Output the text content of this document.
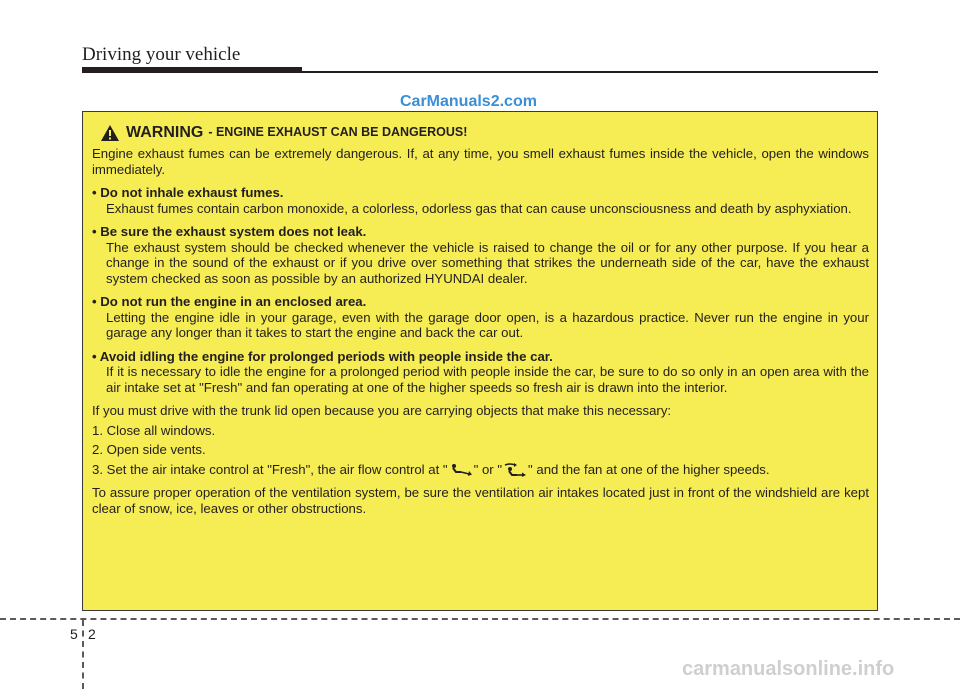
Driving your vehicle
CarManuals2.com
WARNING - ENGINE EXHAUST CAN BE DANGEROUS!

Engine exhaust fumes can be extremely dangerous. If, at any time, you smell exhaust fumes inside the vehicle, open the windows immediately.

• Do not inhale exhaust fumes.

Exhaust fumes contain carbon monoxide, a colorless, odorless gas that can cause unconsciousness and death by asphyxiation.

• Be sure the exhaust system does not leak.

The exhaust system should be checked whenever the vehicle is raised to change the oil or for any other purpose. If you hear a change in the sound of the exhaust or if you drive over something that strikes the underneath side of the car, have the exhaust system checked as soon as possible by an authorized HYUNDAI dealer.

• Do not run the engine in an enclosed area.

Letting the engine idle in your garage, even with the garage door open, is a hazardous practice. Never run the engine in your garage any longer than it takes to start the engine and back the car out.

• Avoid idling the engine for prolonged periods with people inside the car.

If it is necessary to idle the engine for a prolonged period with people inside the car, be sure to do so only in an open area with the air intake set at "Fresh" and fan operating at one of the higher speeds so fresh air is drawn into the interior.

If you must drive with the trunk lid open because you are carrying objects that make this necessary:

1. Close all windows.

2. Open side vents.

3. Set the air intake control at "Fresh", the air flow control at " " or " " and the fan at one of the higher speeds.

To assure proper operation of the ventilation system, be sure the ventilation air intakes located just in front of the windshield are kept clear of snow, ice, leaves or other obstructions.

5 2
carmanualsonline.info
